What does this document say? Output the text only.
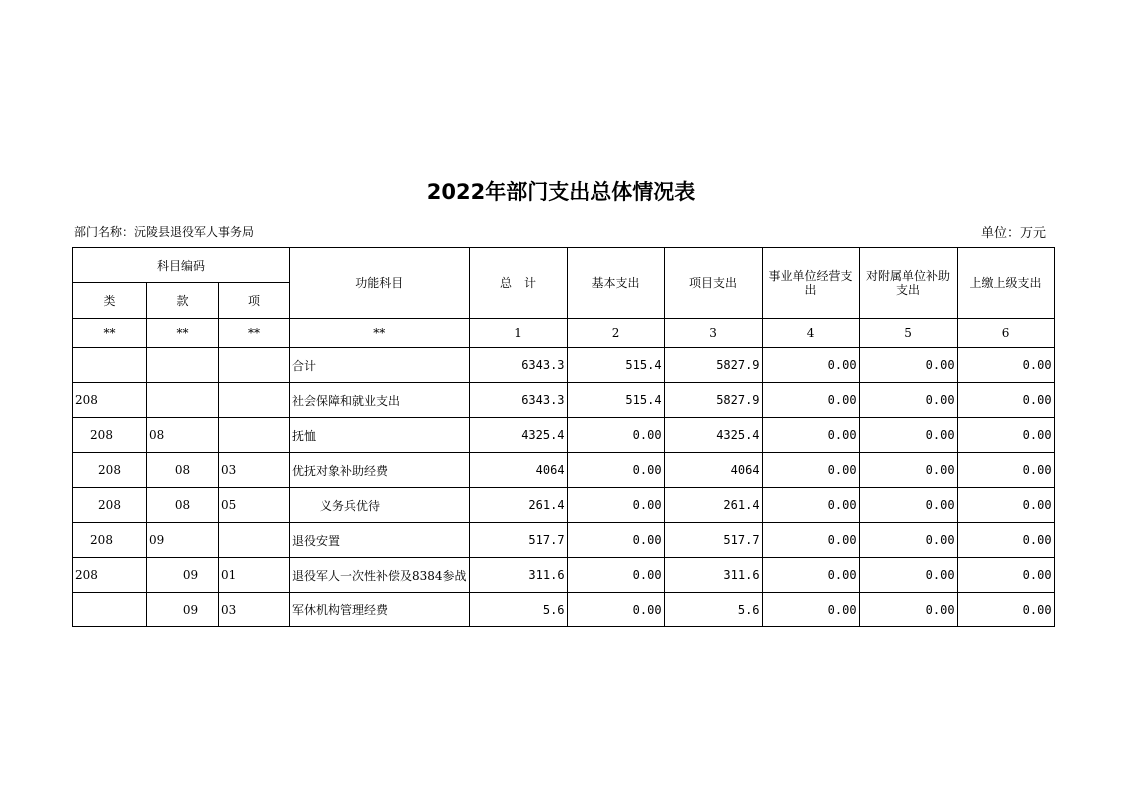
2022年部门支出总体情况表
部门名称：沅陵县退役军人事务局	单位：万元
科目编码			功能科目	总　计	基本支出	项目支出	事业单位经营支出	对附属单位补助支出	上缴上级支出
类	款	项							
**	**	**	**	1	2	3	4	5	6
			合计	6343.3	515.4	5827.9	0.00	0.00	0.00
208			社会保障和就业支出	6343.3	515.4	5827.9	0.00	0.00	0.00
208	08		抚恤	4325.4	0.00	4325.4	0.00	0.00	0.00
208	08	03	优抚对象补助经费	4064	0.00	4064	0.00	0.00	0.00
208	08	05	义务兵优待	261.4	0.00	261.4	0.00	0.00	0.00
208	09		退役安置	517.7	0.00	517.7	0.00	0.00	0.00
208	09	01	退役军人一次性补偿及8384参战	311.6	0.00	311.6	0.00	0.00	0.00
	09	03	军休机构管理经费	5.6	0.00	5.6	0.00	0.00	0.00
